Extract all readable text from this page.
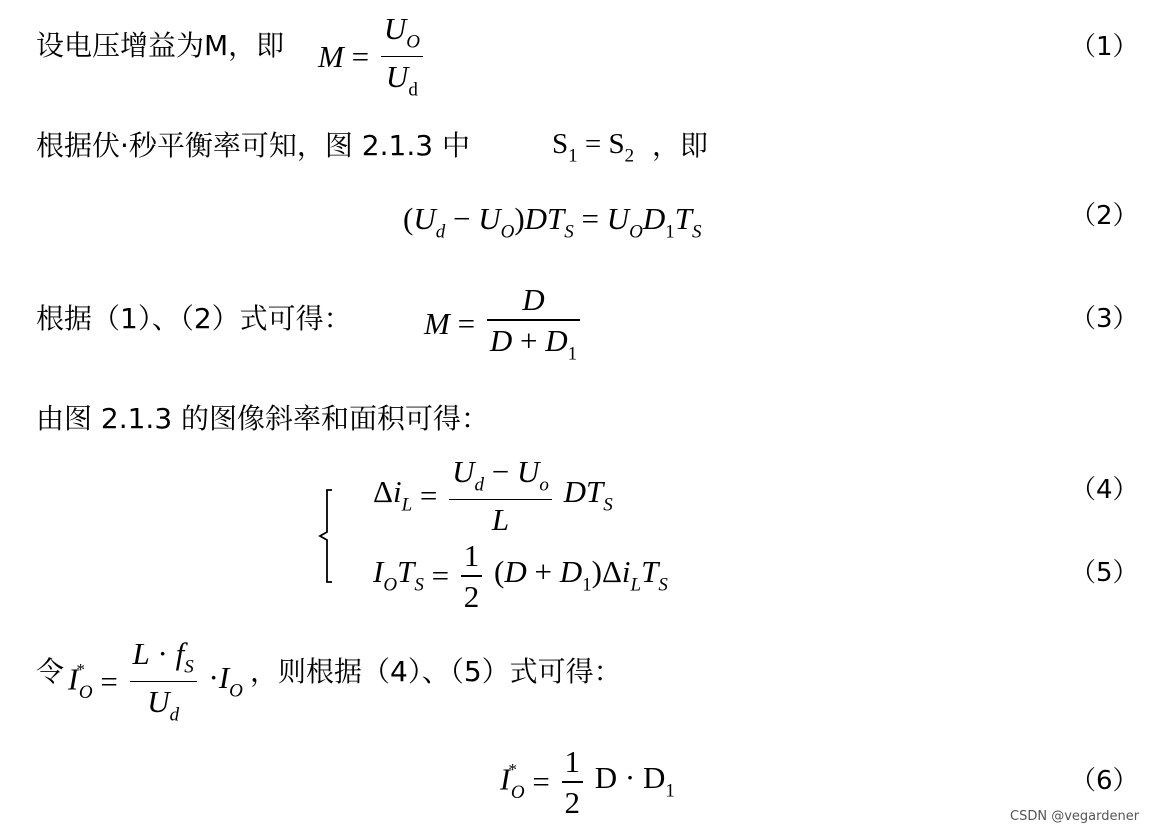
设电压增益为M，即 $M = \frac{U_O}{U_d}$	（1）
根据伏·秒平衡率可知，图 2.1.3 中	$S_1 = S_2$ ，即
$(U_d - U_O)DT_S = U_OD_1T_S$
（2）
根据（1）、（2）式可得： $M = \frac{D}{D + D_1}$	（3）
由图 2.1.3 的图像斜率和面积可得：
$\Delta i_L = \frac{U_d - U_o}{L} DT_S$
（4）
$I_OT_S = \frac{1}{2} (D + D_1)\Delta i_LT_S$	（5）
令 $I^*_O = \frac{L \cdot f_S}{U_d} \cdot I_O$
，则根据（4）、（5）式可得：
$I^*_O = \frac{1}{2}$ $D \cdot D_1$	（6）
CSDN @vegardener
